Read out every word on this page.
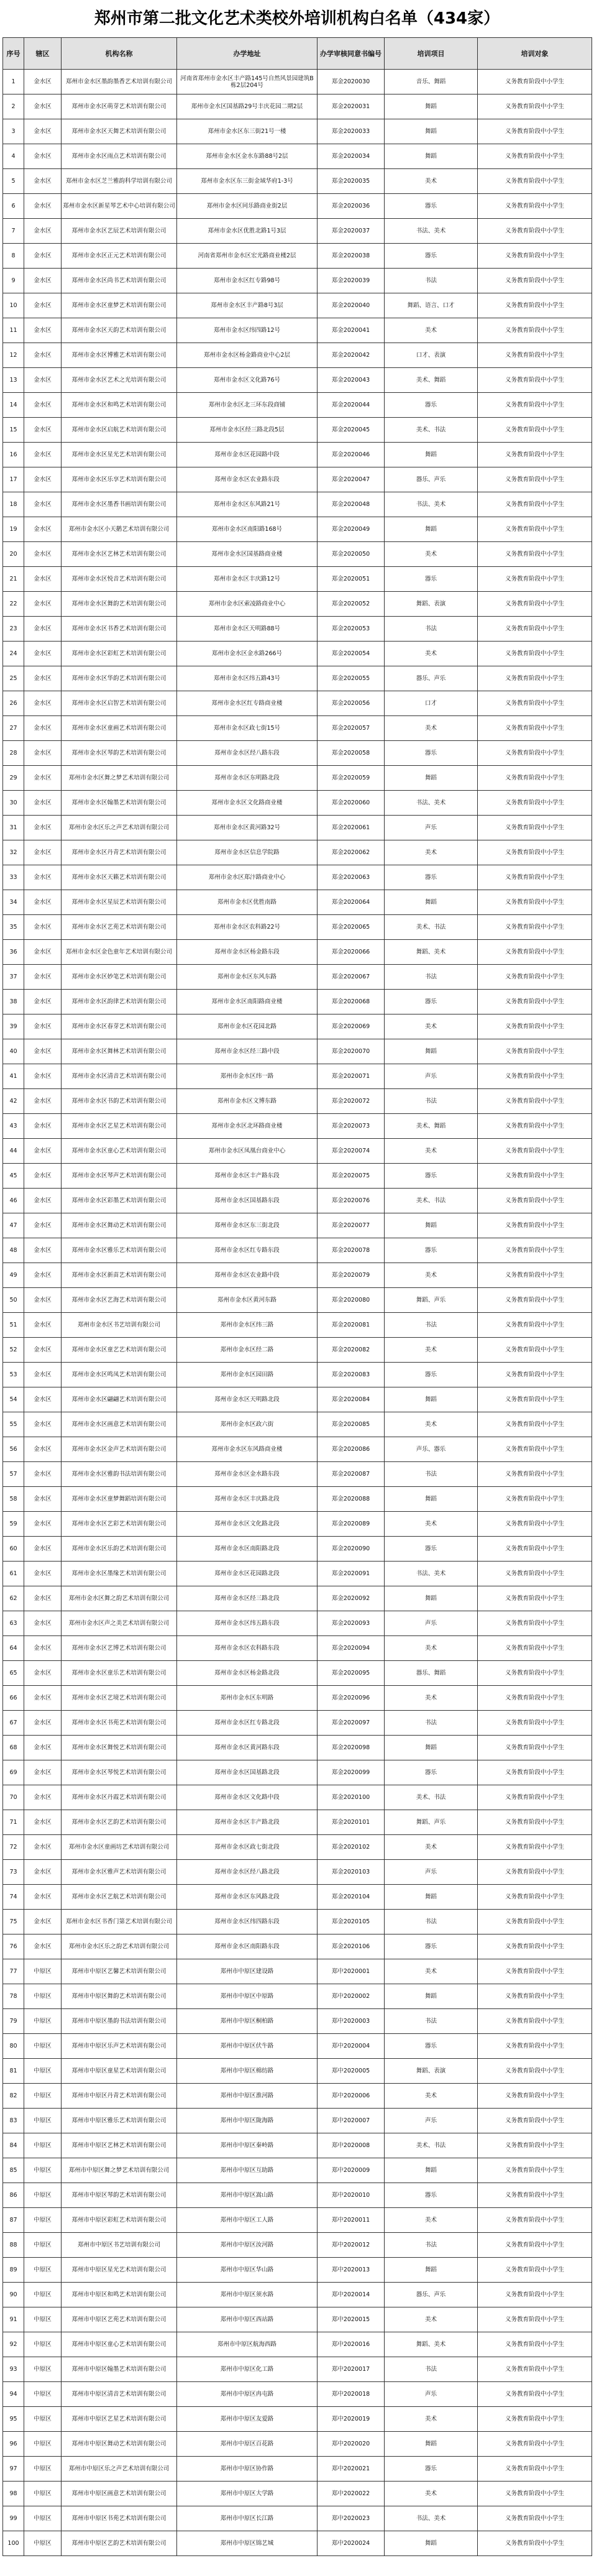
郑州市第二批文化艺术类校外培训机构白名单（434家）
序号	辖区	机构名称	办学地址	办学审核同意书编号	培训项目	培训对象
1	金水区	郑州市金水区墨韵墨香艺术培训有限公司	河南省郑州市金水区丰产路145号自然风景园建筑B栋2层204号	郑金2020030	音乐、舞蹈	义务教育阶段中小学生
2	金水区	郑州市金水区萌芽艺术培训有限公司	郑州市金水区国基路29号丰庆花园二期2层	郑金2020031	舞蹈	义务教育阶段中小学生
3	金水区	郑州市金水区天舞艺术培训有限公司	郑州市金水区东三街21号一楼	郑金2020033	舞蹈	义务教育阶段中小学生
4	金水区	郑州市金水区雨点艺术培训有限公司	郑州市金水区金水东路88号2层	郑金2020034	舞蹈	义务教育阶段中小学生
5	金水区	郑州市金水区芝兰雅韵科学培训有限公司	郑州市金水区东三街金域华府1-3号	郑金2020035	美术	义务教育阶段中小学生
6	金水区	郑州市金水区新星琴艺术中心培训有限公司	郑州市金水区同乐路商业街2层	郑金2020036	器乐	义务教育阶段中小学生
7	金水区	郑州市金水区艺辰艺术培训有限公司	郑州市金水区优胜北路1号3层	郑金2020037	书法、美术	义务教育阶段中小学生
8	金水区	郑州市金水区正元艺术培训有限公司	河南省郑州市金水区宏光路商业楼2层	郑金2020038	器乐	义务教育阶段中小学生
9	金水区	郑州市金水区尚书艺术培训有限公司	郑州市金水区红专路98号	郑金2020039	书法	义务教育阶段中小学生
10	金水区	郑州市金水区童梦艺术培训有限公司	郑州市金水区丰产路8号3层	郑金2020040	舞蹈、语言、口才	义务教育阶段中小学生
11	金水区	郑州市金水区天韵艺术培训有限公司	郑州市金水区纬四路12号	郑金2020041	美术	义务教育阶段中小学生
12	金水区	郑州市金水区博雅艺术培训有限公司	郑州市金水区杨金路商业中心2层	郑金2020042	口才、表演	义务教育阶段中小学生
13	金水区	郑州市金水区艺术之光培训有限公司	郑州市金水区文化路76号	郑金2020043	美术、舞蹈	义务教育阶段中小学生
14	金水区	郑州市金水区和鸣艺术培训有限公司	郑州市金水区北三环东段商铺	郑金2020044	器乐	义务教育阶段中小学生
15	金水区	郑州市金水区启航艺术培训有限公司	郑州市金水区经三路北段5层	郑金2020045	美术、书法	义务教育阶段中小学生
16	金水区	郑州市金水区星光艺术培训有限公司	郑州市金水区花园路中段	郑金2020046	舞蹈	义务教育阶段中小学生
17	金水区	郑州市金水区乐享艺术培训有限公司	郑州市金水区农业路东段	郑金2020047	器乐、声乐	义务教育阶段中小学生
18	金水区	郑州市金水区墨香书画培训有限公司	郑州市金水区东风路21号	郑金2020048	书法、美术	义务教育阶段中小学生
19	金水区	郑州市金水区小天鹅艺术培训有限公司	郑州市金水区南阳路168号	郑金2020049	舞蹈	义务教育阶段中小学生
20	金水区	郑州市金水区艺林艺术培训有限公司	郑州市金水区国基路商业楼	郑金2020050	美术	义务教育阶段中小学生
21	金水区	郑州市金水区悦音艺术培训有限公司	郑州市金水区丰庆路12号	郑金2020051	器乐	义务教育阶段中小学生
22	金水区	郑州市金水区舞韵艺术培训有限公司	郑州市金水区索凌路商业中心	郑金2020052	舞蹈、表演	义务教育阶段中小学生
23	金水区	郑州市金水区书香艺术培训有限公司	郑州市金水区天明路88号	郑金2020053	书法	义务教育阶段中小学生
24	金水区	郑州市金水区彩虹艺术培训有限公司	郑州市金水区金水路266号	郑金2020054	美术	义务教育阶段中小学生
25	金水区	郑州市金水区华韵艺术培训有限公司	郑州市金水区纬五路43号	郑金2020055	器乐、声乐	义务教育阶段中小学生
26	金水区	郑州市金水区启智艺术培训有限公司	郑州市金水区红专路商业楼	郑金2020056	口才	义务教育阶段中小学生
27	金水区	郑州市金水区童画艺术培训有限公司	郑州市金水区政七街15号	郑金2020057	美术	义务教育阶段中小学生
28	金水区	郑州市金水区琴韵艺术培训有限公司	郑州市金水区经八路东段	郑金2020058	器乐	义务教育阶段中小学生
29	金水区	郑州市金水区舞之梦艺术培训有限公司	郑州市金水区东明路北段	郑金2020059	舞蹈	义务教育阶段中小学生
30	金水区	郑州市金水区翰墨艺术培训有限公司	郑州市金水区文化路商业楼	郑金2020060	书法、美术	义务教育阶段中小学生
31	金水区	郑州市金水区乐之声艺术培训有限公司	郑州市金水区黄河路32号	郑金2020061	声乐	义务教育阶段中小学生
32	金水区	郑州市金水区丹青艺术培训有限公司	郑州市金水区信息学院路	郑金2020062	美术	义务教育阶段中小学生
33	金水区	郑州市金水区天籁艺术培训有限公司	郑州市金水区郑汴路商业中心	郑金2020063	器乐	义务教育阶段中小学生
34	金水区	郑州市金水区星辰艺术培训有限公司	郑州市金水区优胜南路	郑金2020064	舞蹈	义务教育阶段中小学生
35	金水区	郑州市金水区艺苑艺术培训有限公司	郑州市金水区农科路22号	郑金2020065	美术、书法	义务教育阶段中小学生
36	金水区	郑州市金水区金色童年艺术培训有限公司	郑州市金水区杨金路东段	郑金2020066	舞蹈、美术	义务教育阶段中小学生
37	金水区	郑州市金水区妙笔艺术培训有限公司	郑州市金水区东风东路	郑金2020067	书法	义务教育阶段中小学生
38	金水区	郑州市金水区韵律艺术培训有限公司	郑州市金水区南阳路商业楼	郑金2020068	器乐	义务教育阶段中小学生
39	金水区	郑州市金水区春芽艺术培训有限公司	郑州市金水区花园北路	郑金2020069	美术	义务教育阶段中小学生
40	金水区	郑州市金水区舞林艺术培训有限公司	郑州市金水区经三路中段	郑金2020070	舞蹈	义务教育阶段中小学生
41	金水区	郑州市金水区清音艺术培训有限公司	郑州市金水区纬一路	郑金2020071	声乐	义务教育阶段中小学生
42	金水区	郑州市金水区书韵艺术培训有限公司	郑州市金水区文博东路	郑金2020072	书法	义务教育阶段中小学生
43	金水区	郑州市金水区艺星艺术培训有限公司	郑州市金水区北环路商业楼	郑金2020073	美术、舞蹈	义务教育阶段中小学生
44	金水区	郑州市金水区童心艺术培训有限公司	郑州市金水区凤凰台商业中心	郑金2020074	美术	义务教育阶段中小学生
45	金水区	郑州市金水区琴声艺术培训有限公司	郑州市金水区丰产路东段	郑金2020075	器乐	义务教育阶段中小学生
46	金水区	郑州市金水区彩墨艺术培训有限公司	郑州市金水区国基路东段	郑金2020076	美术、书法	义务教育阶段中小学生
47	金水区	郑州市金水区舞动艺术培训有限公司	郑州市金水区东三街北段	郑金2020077	舞蹈	义务教育阶段中小学生
48	金水区	郑州市金水区雅乐艺术培训有限公司	郑州市金水区红专路东段	郑金2020078	器乐	义务教育阶段中小学生
49	金水区	郑州市金水区新苗艺术培训有限公司	郑州市金水区农业路中段	郑金2020079	美术	义务教育阶段中小学生
50	金水区	郑州市金水区艺海艺术培训有限公司	郑州市金水区黄河东路	郑金2020080	舞蹈、声乐	义务教育阶段中小学生
51	金水区	郑州市金水区书艺培训有限公司	郑州市金水区纬三路	郑金2020081	书法	义务教育阶段中小学生
52	金水区	郑州市金水区童艺艺术培训有限公司	郑州市金水区经二路	郑金2020082	美术	义务教育阶段中小学生
53	金水区	郑州市金水区鸣凤艺术培训有限公司	郑州市金水区园田路	郑金2020083	器乐	义务教育阶段中小学生
54	金水区	郑州市金水区翩翩艺术培训有限公司	郑州市金水区天明路北段	郑金2020084	舞蹈	义务教育阶段中小学生
55	金水区	郑州市金水区画意艺术培训有限公司	郑州市金水区政六街	郑金2020085	美术	义务教育阶段中小学生
56	金水区	郑州市金水区金声艺术培训有限公司	郑州市金水区东风路商业楼	郑金2020086	声乐、器乐	义务教育阶段中小学生
57	金水区	郑州市金水区雅韵书法培训有限公司	郑州市金水区金水路东段	郑金2020087	书法	义务教育阶段中小学生
58	金水区	郑州市金水区童梦舞蹈培训有限公司	郑州市金水区丰庆路北段	郑金2020088	舞蹈	义务教育阶段中小学生
59	金水区	郑州市金水区艺彩艺术培训有限公司	郑州市金水区文化路北段	郑金2020089	美术	义务教育阶段中小学生
60	金水区	郑州市金水区乐韵艺术培训有限公司	郑州市金水区南阳路北段	郑金2020090	器乐	义务教育阶段中小学生
61	金水区	郑州市金水区墨缘艺术培训有限公司	郑州市金水区花园路北段	郑金2020091	书法、美术	义务教育阶段中小学生
62	金水区	郑州市金水区舞之韵艺术培训有限公司	郑州市金水区经三路北段	郑金2020092	舞蹈	义务教育阶段中小学生
63	金水区	郑州市金水区声之美艺术培训有限公司	郑州市金水区纬五路东段	郑金2020093	声乐	义务教育阶段中小学生
64	金水区	郑州市金水区艺博艺术培训有限公司	郑州市金水区农科路东段	郑金2020094	美术	义务教育阶段中小学生
65	金水区	郑州市金水区童乐艺术培训有限公司	郑州市金水区杨金路北段	郑金2020095	器乐、舞蹈	义务教育阶段中小学生
66	金水区	郑州市金水区艺境艺术培训有限公司	郑州市金水区东明路	郑金2020096	美术	义务教育阶段中小学生
67	金水区	郑州市金水区书苑艺术培训有限公司	郑州市金水区红专路北段	郑金2020097	书法	义务教育阶段中小学生
68	金水区	郑州市金水区舞悦艺术培训有限公司	郑州市金水区黄河路东段	郑金2020098	舞蹈	义务教育阶段中小学生
69	金水区	郑州市金水区琴悦艺术培训有限公司	郑州市金水区国基路北段	郑金2020099	器乐	义务教育阶段中小学生
70	金水区	郑州市金水区丹霞艺术培训有限公司	郑州市金水区文化路中段	郑金2020100	美术、书法	义务教育阶段中小学生
71	金水区	郑州市金水区艺韵艺术培训有限公司	郑州市金水区丰产路北段	郑金2020101	舞蹈、声乐	义务教育阶段中小学生
72	金水区	郑州市金水区童画坊艺术培训有限公司	郑州市金水区政七街北段	郑金2020102	美术	义务教育阶段中小学生
73	金水区	郑州市金水区雅声艺术培训有限公司	郑州市金水区经八路北段	郑金2020103	声乐	义务教育阶段中小学生
74	金水区	郑州市金水区艺航艺术培训有限公司	郑州市金水区东风路北段	郑金2020104	舞蹈	义务教育阶段中小学生
75	金水区	郑州市金水区书香门第艺术培训有限公司	郑州市金水区纬四路东段	郑金2020105	书法	义务教育阶段中小学生
76	金水区	郑州市金水区乐之韵艺术培训有限公司	郑州市金水区南阳路东段	郑金2020106	器乐	义务教育阶段中小学生
77	中原区	郑州市中原区艺馨艺术培训有限公司	郑州市中原区建设路	郑中2020001	美术	义务教育阶段中小学生
78	中原区	郑州市中原区舞韵艺术培训有限公司	郑州市中原区中原路	郑中2020002	舞蹈	义务教育阶段中小学生
79	中原区	郑州市中原区墨韵书法培训有限公司	郑州市中原区桐柏路	郑中2020003	书法	义务教育阶段中小学生
80	中原区	郑州市中原区乐声艺术培训有限公司	郑州市中原区伏牛路	郑中2020004	器乐	义务教育阶段中小学生
81	中原区	郑州市中原区童星艺术培训有限公司	郑州市中原区棉纺路	郑中2020005	舞蹈、表演	义务教育阶段中小学生
82	中原区	郑州市中原区丹青艺术培训有限公司	郑州市中原区淮河路	郑中2020006	美术	义务教育阶段中小学生
83	中原区	郑州市中原区雅乐艺术培训有限公司	郑州市中原区陇海路	郑中2020007	声乐	义务教育阶段中小学生
84	中原区	郑州市中原区艺林艺术培训有限公司	郑州市中原区秦岭路	郑中2020008	美术、书法	义务教育阶段中小学生
85	中原区	郑州市中原区舞之梦艺术培训有限公司	郑州市中原区互助路	郑中2020009	舞蹈	义务教育阶段中小学生
86	中原区	郑州市中原区琴韵艺术培训有限公司	郑州市中原区嵩山路	郑中2020010	器乐	义务教育阶段中小学生
87	中原区	郑州市中原区彩虹艺术培训有限公司	郑州市中原区工人路	郑中2020011	美术	义务教育阶段中小学生
88	中原区	郑州市中原区书艺培训有限公司	郑州市中原区汝河路	郑中2020012	书法	义务教育阶段中小学生
89	中原区	郑州市中原区星光艺术培训有限公司	郑州市中原区华山路	郑中2020013	舞蹈	义务教育阶段中小学生
90	中原区	郑州市中原区和鸣艺术培训有限公司	郑州市中原区须水路	郑中2020014	器乐、声乐	义务教育阶段中小学生
91	中原区	郑州市中原区艺苑艺术培训有限公司	郑州市中原区西站路	郑中2020015	美术	义务教育阶段中小学生
92	中原区	郑州市中原区童心艺术培训有限公司	郑州市中原区航海西路	郑中2020016	舞蹈、美术	义务教育阶段中小学生
93	中原区	郑州市中原区翰墨艺术培训有限公司	郑州市中原区化工路	郑中2020017	书法	义务教育阶段中小学生
94	中原区	郑州市中原区清音艺术培训有限公司	郑州市中原区冉屯路	郑中2020018	声乐	义务教育阶段中小学生
95	中原区	郑州市中原区艺星艺术培训有限公司	郑州市中原区友爱路	郑中2020019	美术	义务教育阶段中小学生
96	中原区	郑州市中原区舞动艺术培训有限公司	郑州市中原区百花路	郑中2020020	舞蹈	义务教育阶段中小学生
97	中原区	郑州市中原区乐之声艺术培训有限公司	郑州市中原区协作路	郑中2020021	器乐	义务教育阶段中小学生
98	中原区	郑州市中原区画意艺术培训有限公司	郑州市中原区大学路	郑中2020022	美术	义务教育阶段中小学生
99	中原区	郑州市中原区书苑艺术培训有限公司	郑州市中原区长江路	郑中2020023	书法、美术	义务教育阶段中小学生
100	中原区	郑州市中原区艺韵艺术培训有限公司	郑州市中原区锦艺城	郑中2020024	舞蹈	义务教育阶段中小学生
